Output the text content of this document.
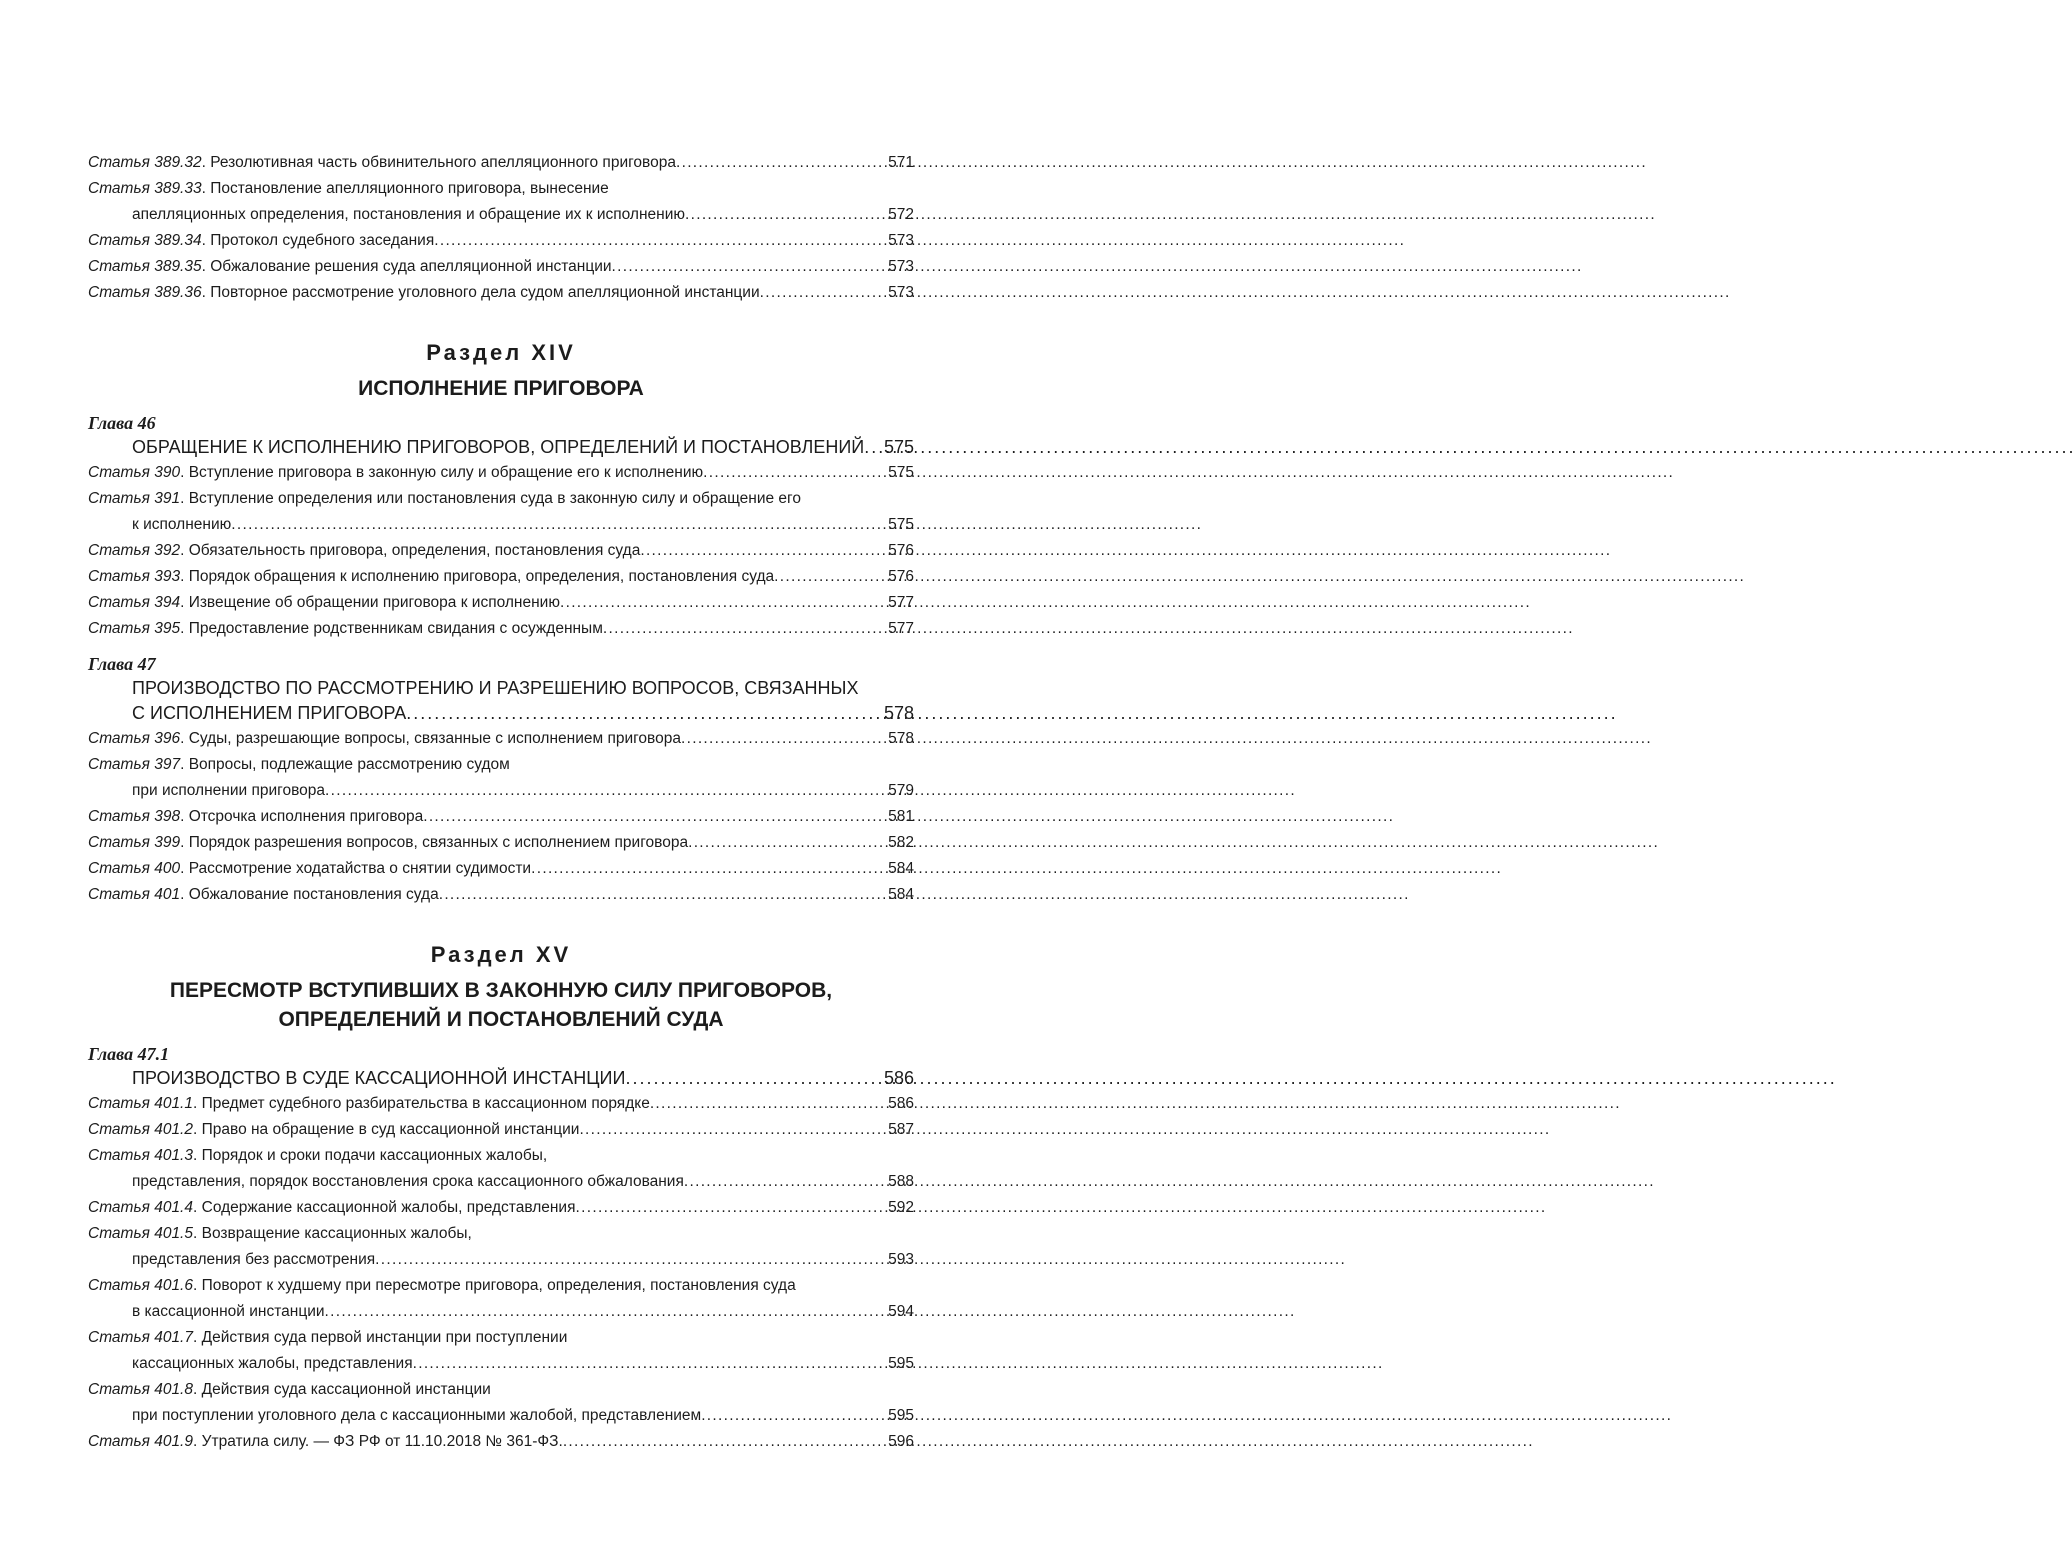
Статья 389.32 . Резолютивная часть обвинительного апелляционного приговора . . .	571
Статья 389.33 . Постановление апелляционного приговора, вынесение
апелляционных определения, постановления и обращение их к исполнению . . .	572
Статья 389.34 . Протокол судебного заседания . . .	573
Статья 389.35 . Обжалование решения суда апелляционной инстанции . . .	573
Статья 389.36 . Повторное рассмотрение уголовного дела судом апелляционной инстанции . . .	573
Раздел XIV
ИСПОЛНЕНИЕ ПРИГОВОРА
Глава 46
ОБРАЩЕНИЕ К ИСПОЛНЕНИЮ ПРИГОВОРОВ, ОПРЕДЕЛЕНИЙ И ПОСТАНОВЛЕНИЙ . . . 575
Статья 390 . Вступление приговора в законную силу и обращение его к исполнению . . .	575
Статья 391 . Вступление определения или постановления суда в законную силу и обращение его
к исполнению . . .	575
Статья 392 . Обязательность приговора, определения, постановления суда . . .	576
Статья 393 . Порядок обращения к исполнению приговора, определения, постановления суда . . .	576
Статья 394 . Извещение об обращении приговора к исполнению . . .	577
Статья 395 . Предоставление родственникам свидания с осужденным . . .	577
Глава 47
ПРОИЗВОДСТВО ПО РАССМОТРЕНИЮ И РАЗРЕШЕНИЮ ВОПРОСОВ, СВЯЗАННЫХ
С ИСПОЛНЕНИЕМ ПРИГОВОРА . . .	578
Статья 396 . Суды, разрешающие вопросы, связанные с исполнением приговора . . .	578
Статья 397 . Вопросы, подлежащие рассмотрению судом
при исполнении приговора . . .	579
Статья 398 . Отсрочка исполнения приговора . . .	581
Статья 399 . Порядок разрешения вопросов, связанных с исполнением приговора . . .	582
Статья 400 . Рассмотрение ходатайства о снятии судимости . . .	584
Статья 401 . Обжалование постановления суда . . .	584
Раздел XV
ПЕРЕСМОТР ВСТУПИВШИХ В ЗАКОННУЮ СИЛУ ПРИГОВОРОВ,
ОПРЕДЕЛЕНИЙ И ПОСТАНОВЛЕНИЙ СУДА
Глава 47.1
ПРОИЗВОДСТВО В СУДЕ КАССАЦИОННОЙ ИНСТАНЦИИ . . .	586
Статья 401.1 . Предмет судебного разбирательства в кассационном порядке . . .	586
Статья 401.2 . Право на обращение в суд кассационной инстанции . . .	587
Статья 401.3 . Порядок и сроки подачи кассационных жалобы,
представления, порядок восстановления срока кассационного обжалования . . .	588
Статья 401.4 . Содержание кассационной жалобы, представления . . .	592
Статья 401.5 . Возвращение кассационных жалобы,
представления без рассмотрения . . .	593
Статья 401.6 . Поворот к худшему при пересмотре приговора, определения, постановления суда
в кассационной инстанции . . .	594
Статья 401.7 . Действия суда первой инстанции при поступлении
кассационных жалобы, представления . . .	595
Статья 401.8 . Действия суда кассационной инстанции
при поступлении уголовного дела с кассационными жалобой, представлением . . .	595
Статья 401.9 . Утратила силу. — ФЗ РФ от 11.10.2018 № 361-ФЗ. . . .	596
